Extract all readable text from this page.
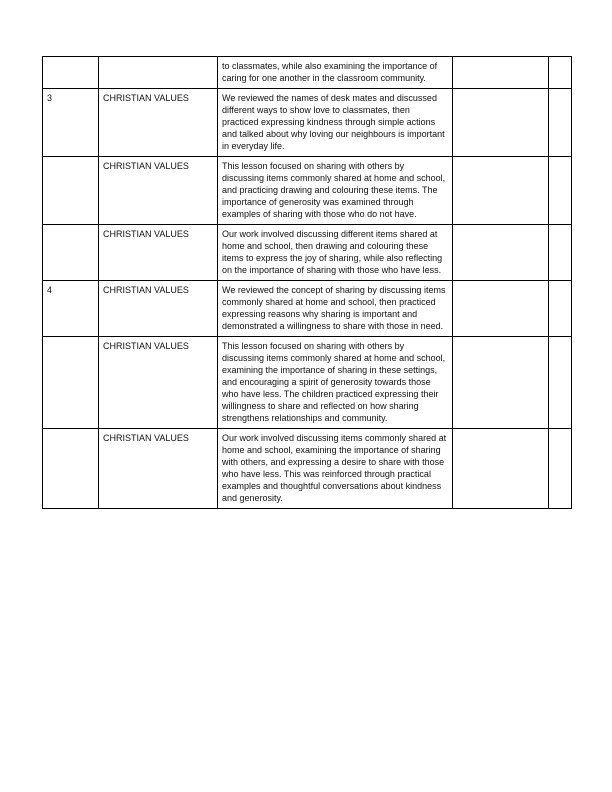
		to classmates, while also examining the importance of caring for one another in the classroom community.		
3	CHRISTIAN VALUES	We reviewed the names of desk mates and discussed different ways to show love to classmates, then practiced expressing kindness through simple actions and talked about why loving our neighbours is important in everyday life.		
	CHRISTIAN VALUES	This lesson focused on sharing with others by discussing items commonly shared at home and school, and practicing drawing and colouring these items. The importance of generosity was examined through examples of sharing with those who do not have.		
	CHRISTIAN VALUES	Our work involved discussing different items shared at home and school, then drawing and colouring these items to express the joy of sharing, while also reflecting on the importance of sharing with those who have less.		
4	CHRISTIAN VALUES	We reviewed the concept of sharing by discussing items commonly shared at home and school, then practiced expressing reasons why sharing is important and demonstrated a willingness to share with those in need.		
	CHRISTIAN VALUES	This lesson focused on sharing with others by discussing items commonly shared at home and school, examining the importance of sharing in these settings, and encouraging a spirit of generosity towards those who have less. The children practiced expressing their willingness to share and reflected on how sharing strengthens relationships and community.		
	CHRISTIAN VALUES	Our work involved discussing items commonly shared at home and school, examining the importance of sharing with others, and expressing a desire to share with those who have less. This was reinforced through practical examples and thoughtful conversations about kindness and generosity.		
